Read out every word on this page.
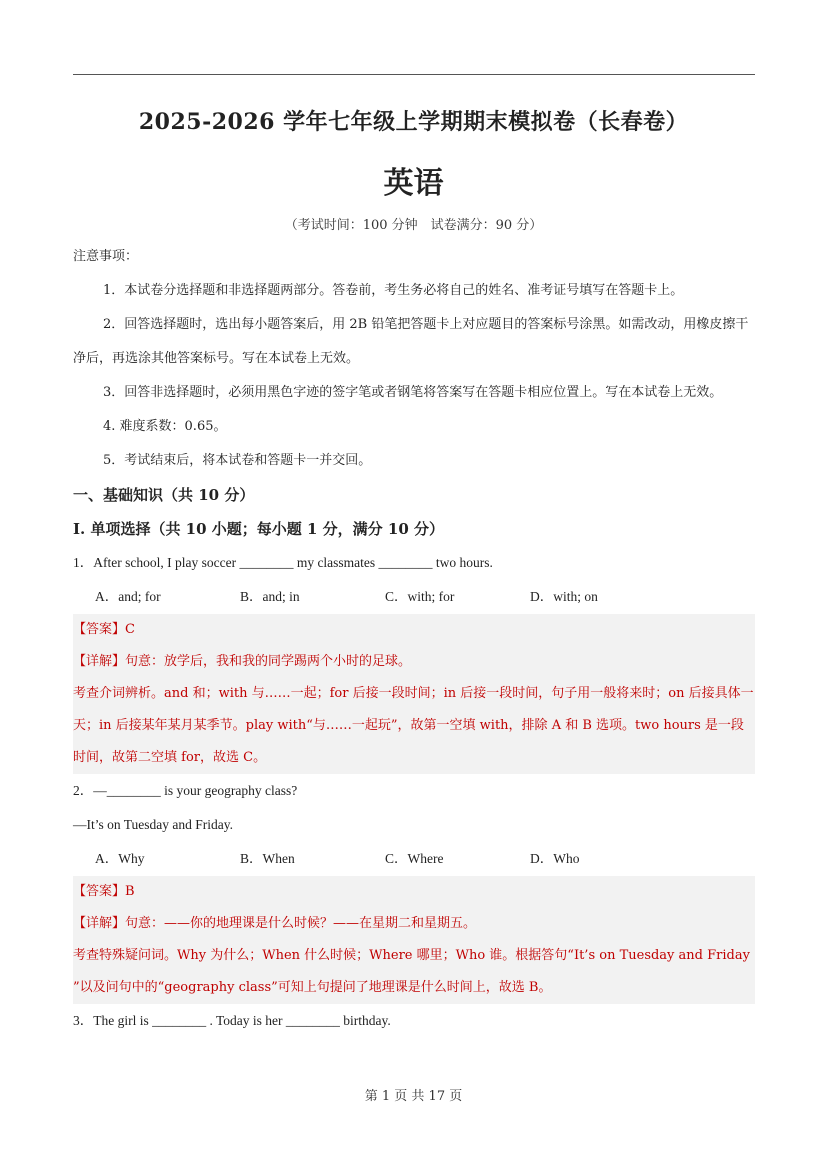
2025-2026 学年七年级上学期期末模拟卷（长春卷）
英语
（考试时间：100 分钟　试卷满分：90 分）

注意事项：

1．本试卷分选择题和非选择题两部分。答卷前，考生务必将自己的姓名、准考证号填写在答题卡上。

2．回答选择题时，选出每小题答案后，用 2B 铅笔把答题卡上对应题目的答案标号涂黑。如需改动，用橡皮擦干净后，再选涂其他答案标号。写在本试卷上无效。

3．回答非选择题时，必须用黑色字迹的签字笔或者钢笔将答案写在答题卡相应位置上。写在本试卷上无效。

4. 难度系数：0.65。

5．考试结束后，将本试卷和答题卡一并交回。

一、基础知识（共 10 分）

I. 单项选择（共 10 小题；每小题 1 分，满分 10 分）

1．After school, I play soccer ________ my classmates ________ two hours.

A．and; for	B．and; in	C．with; for	D．with; on

【答案】C

【详解】句意：放学后，我和我的同学踢两个小时的足球。

考查介词辨析。and 和；with 与……一起；for 后接一段时间；in 后接一段时间，句子用一般将来时；on 后接具体一天；in 后接某年某月某季节。play with“与……一起玩”，故第一空填 with，排除 A 和 B 选项。two hours 是一段时间，故第二空填 for，故选 C。

2．—________ is your geography class?

—It’s on Tuesday and Friday.

A．Why	B．When	C．Where	D．Who

【答案】B

【详解】句意：——你的地理课是什么时候？——在星期二和星期五。

考查特殊疑问词。Why 为什么；When 什么时候；Where 哪里；Who 谁。根据答句“It’s on Tuesday and Friday ”以及问句中的“geography class”可知上句提问了地理课是什么时间上，故选 B。

3．The girl is ________ . Today is her ________ birthday.

第 1 页 共 17 页
